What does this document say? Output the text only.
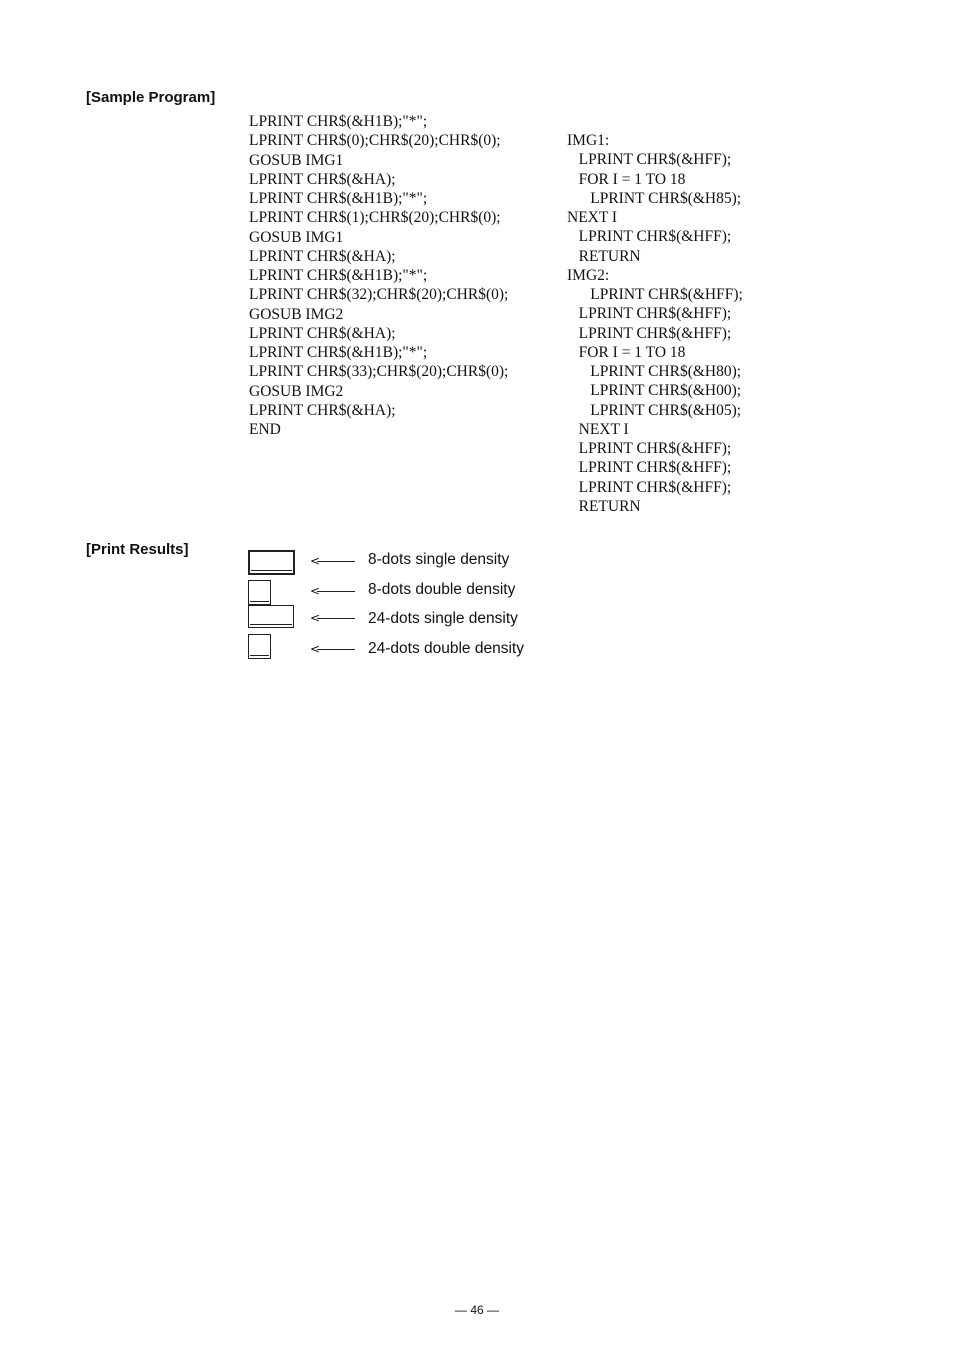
[Sample Program]
LPRINT CHR$(&H1B);"*";
LPRINT CHR$(0);CHR$(20);CHR$(0);
GOSUB IMG1
LPRINT CHR$(&HA);
LPRINT CHR$(&H1B);"*";
LPRINT CHR$(1);CHR$(20);CHR$(0);
GOSUB IMG1
LPRINT CHR$(&HA);
LPRINT CHR$(&H1B);"*";
LPRINT CHR$(32);CHR$(20);CHR$(0);
GOSUB IMG2
LPRINT CHR$(&HA);
LPRINT CHR$(&H1B);"*";
LPRINT CHR$(33);CHR$(20);CHR$(0);
GOSUB IMG2
LPRINT CHR$(&HA);
END
IMG1:
LPRINT CHR$(&HFF);
FOR I = 1 TO 18
LPRINT CHR$(&H85);
NEXT I
LPRINT CHR$(&HFF);
RETURN
IMG2:
LPRINT CHR$(&HFF);
LPRINT CHR$(&HFF);
LPRINT CHR$(&HFF);
FOR I = 1 TO 18
LPRINT CHR$(&H80);
LPRINT CHR$(&H00);
LPRINT CHR$(&H05);
NEXT I
LPRINT CHR$(&HFF);
LPRINT CHR$(&HFF);
LPRINT CHR$(&HFF);
RETURN
[Print Results]
<	8-dots single density
<	8-dots double density
<	24-dots single density
<	24-dots double density
— 46 —
